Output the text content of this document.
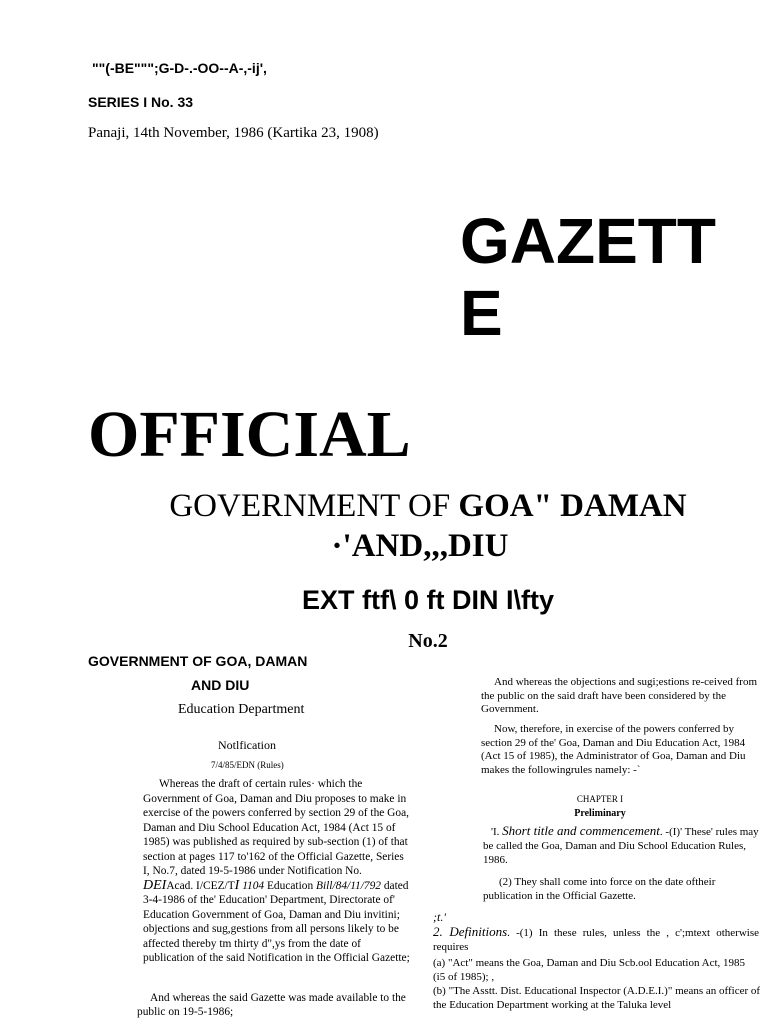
""(-BE""";G-D-.-OO--A-,-ij',
SERIES I No. 33
Panaji, 14th November, 1986 (Kartika 23, 1908)
GAZETT
E
OFFICIAL
GOVERNMENT OF GOA" DAMAN
·'AND,,,DIU
EXT ftf\ 0 ft DIN I\fty
No.2
GOVERNMENT OF GOA, DAMAN
AND DIU
Education Department
Notlfication
7/4/85/EDN (Rules)

Whereas the draft of certain rules· which the Government of Goa, Daman and Diu proposes to make in exercise of the powers conferred by section 29 of the Goa, Daman and Diu School Education Act, 1984 (Act 15 of 1985) was published as required by sub-section (1) of that section at pages 117 to'162 of the Official Gazette, Series I, No.7, dated 19-5-1986 under Notification No. DEIAcad. I/CEZ/TI 1104 Education Bill/84/11/792 dated 3-4-1986 of the' Education' Department, Directorate of' Education Government of Goa, Daman and Diu invitini; objections and sug,gestions from all persons likely to be affected thereby tm thirty d",ys from the date of publication of the said Notification in the Official Gazette;

And whereas the said Gazette was made available to the public on 19-5-1986;

And whereas the objections and sugi;estions re-ceived from the public on the said draft have been considered by the Government.

Now, therefore, in exercise of the powers conferred by section 29 of the' Goa, Daman and Diu Education Act, 1984 (Act 15 of 1985), the Administrator of Goa, Daman and Diu makes the followingrules namely: -`

CHAPTER I
Preliminary

'I. Short title and commencement. -(I)' These' rules may be called the Goa, Daman and Diu School Education Rules, 1986.

(2) They shall come into force on the date oftheir publication in the Official Gazette.

;t.'

2. Definitions. -(1) In these rules, unless the , c';mtext otherwise requires

(a) "Act" means the Goa, Daman and Diu Scb.ool Education Act, 1985 (i5 of 1985); ,

(b) "The Asstt. Dist. Educational Inspector (A.D.E.I.)" means an officer of the Education Department working at the Taluka level
